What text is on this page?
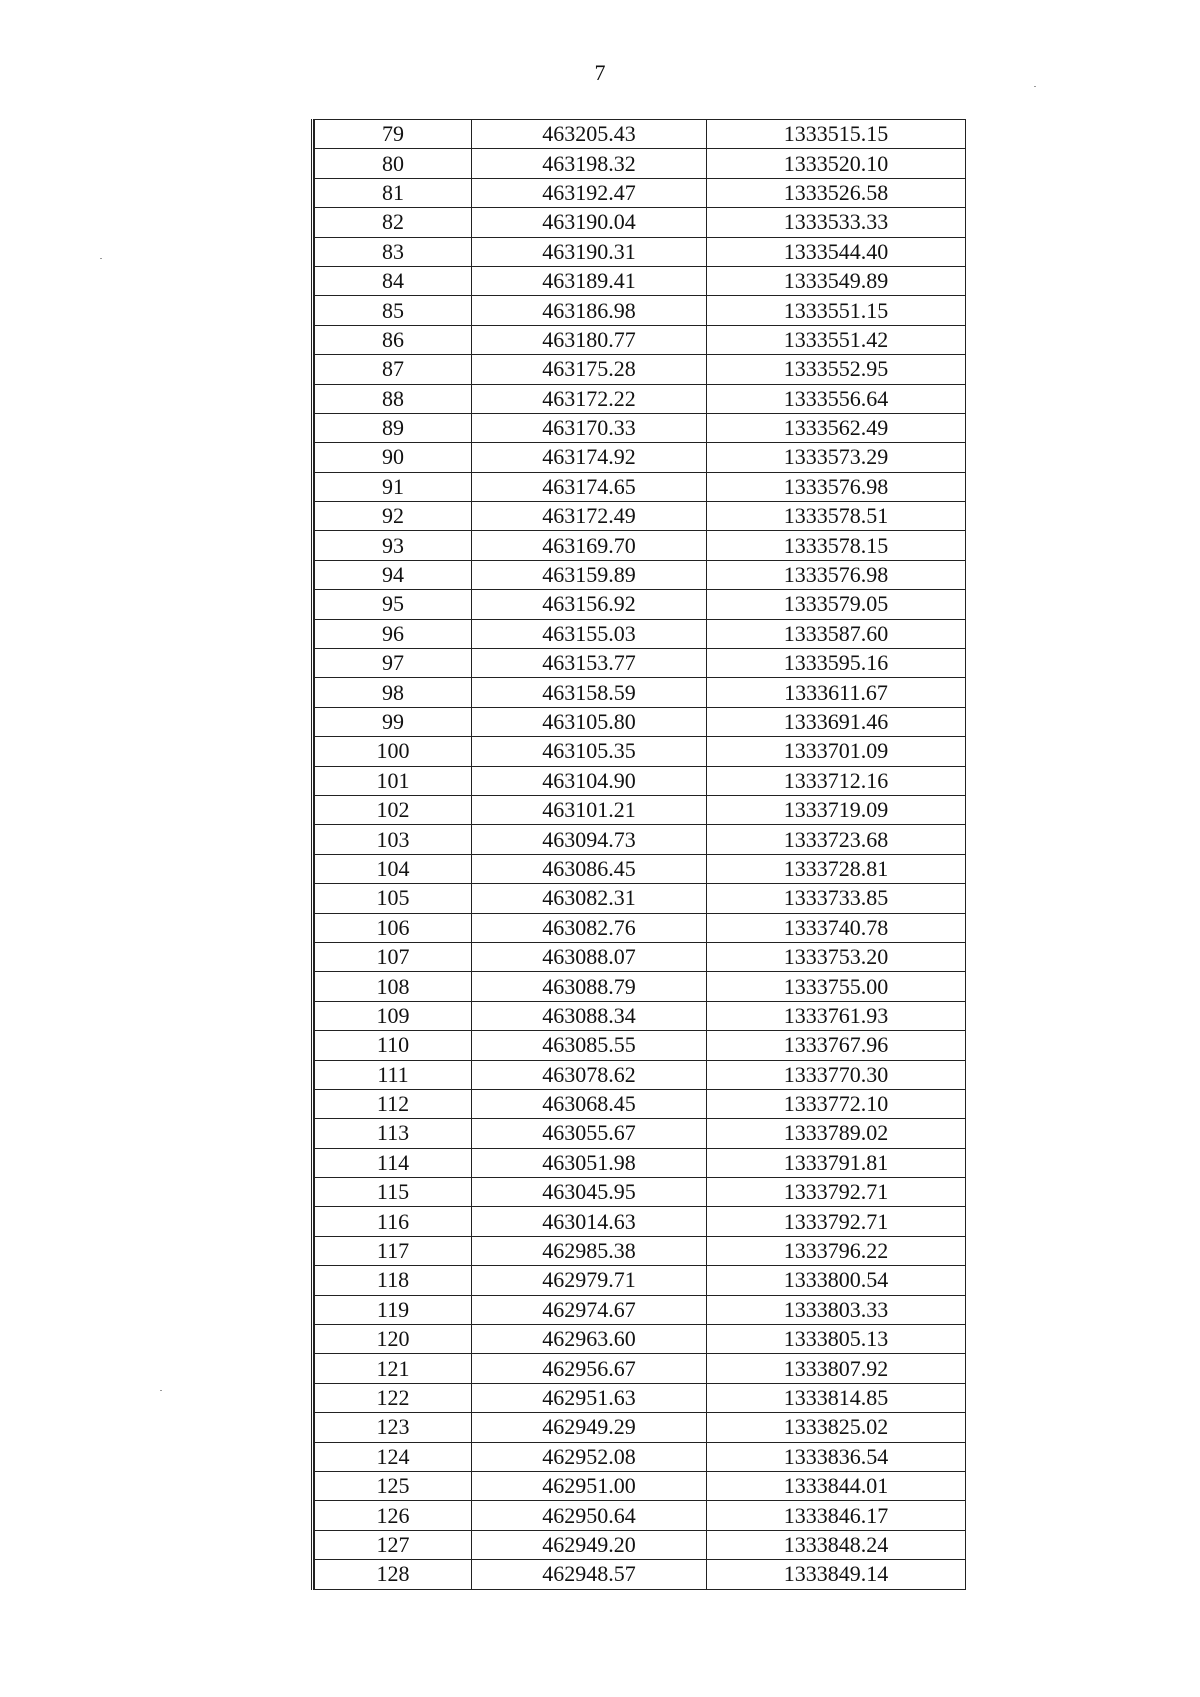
7
79	463205.43	1333515.15
80	463198.32	1333520.10
81	463192.47	1333526.58
82	463190.04	1333533.33
83	463190.31	1333544.40
84	463189.41	1333549.89
85	463186.98	1333551.15
86	463180.77	1333551.42
87	463175.28	1333552.95
88	463172.22	1333556.64
89	463170.33	1333562.49
90	463174.92	1333573.29
91	463174.65	1333576.98
92	463172.49	1333578.51
93	463169.70	1333578.15
94	463159.89	1333576.98
95	463156.92	1333579.05
96	463155.03	1333587.60
97	463153.77	1333595.16
98	463158.59	1333611.67
99	463105.80	1333691.46
100	463105.35	1333701.09
101	463104.90	1333712.16
102	463101.21	1333719.09
103	463094.73	1333723.68
104	463086.45	1333728.81
105	463082.31	1333733.85
106	463082.76	1333740.78
107	463088.07	1333753.20
108	463088.79	1333755.00
109	463088.34	1333761.93
110	463085.55	1333767.96
111	463078.62	1333770.30
112	463068.45	1333772.10
113	463055.67	1333789.02
114	463051.98	1333791.81
115	463045.95	1333792.71
116	463014.63	1333792.71
117	462985.38	1333796.22
118	462979.71	1333800.54
119	462974.67	1333803.33
120	462963.60	1333805.13
121	462956.67	1333807.92
122	462951.63	1333814.85
123	462949.29	1333825.02
124	462952.08	1333836.54
125	462951.00	1333844.01
126	462950.64	1333846.17
127	462949.20	1333848.24
128	462948.57	1333849.14
